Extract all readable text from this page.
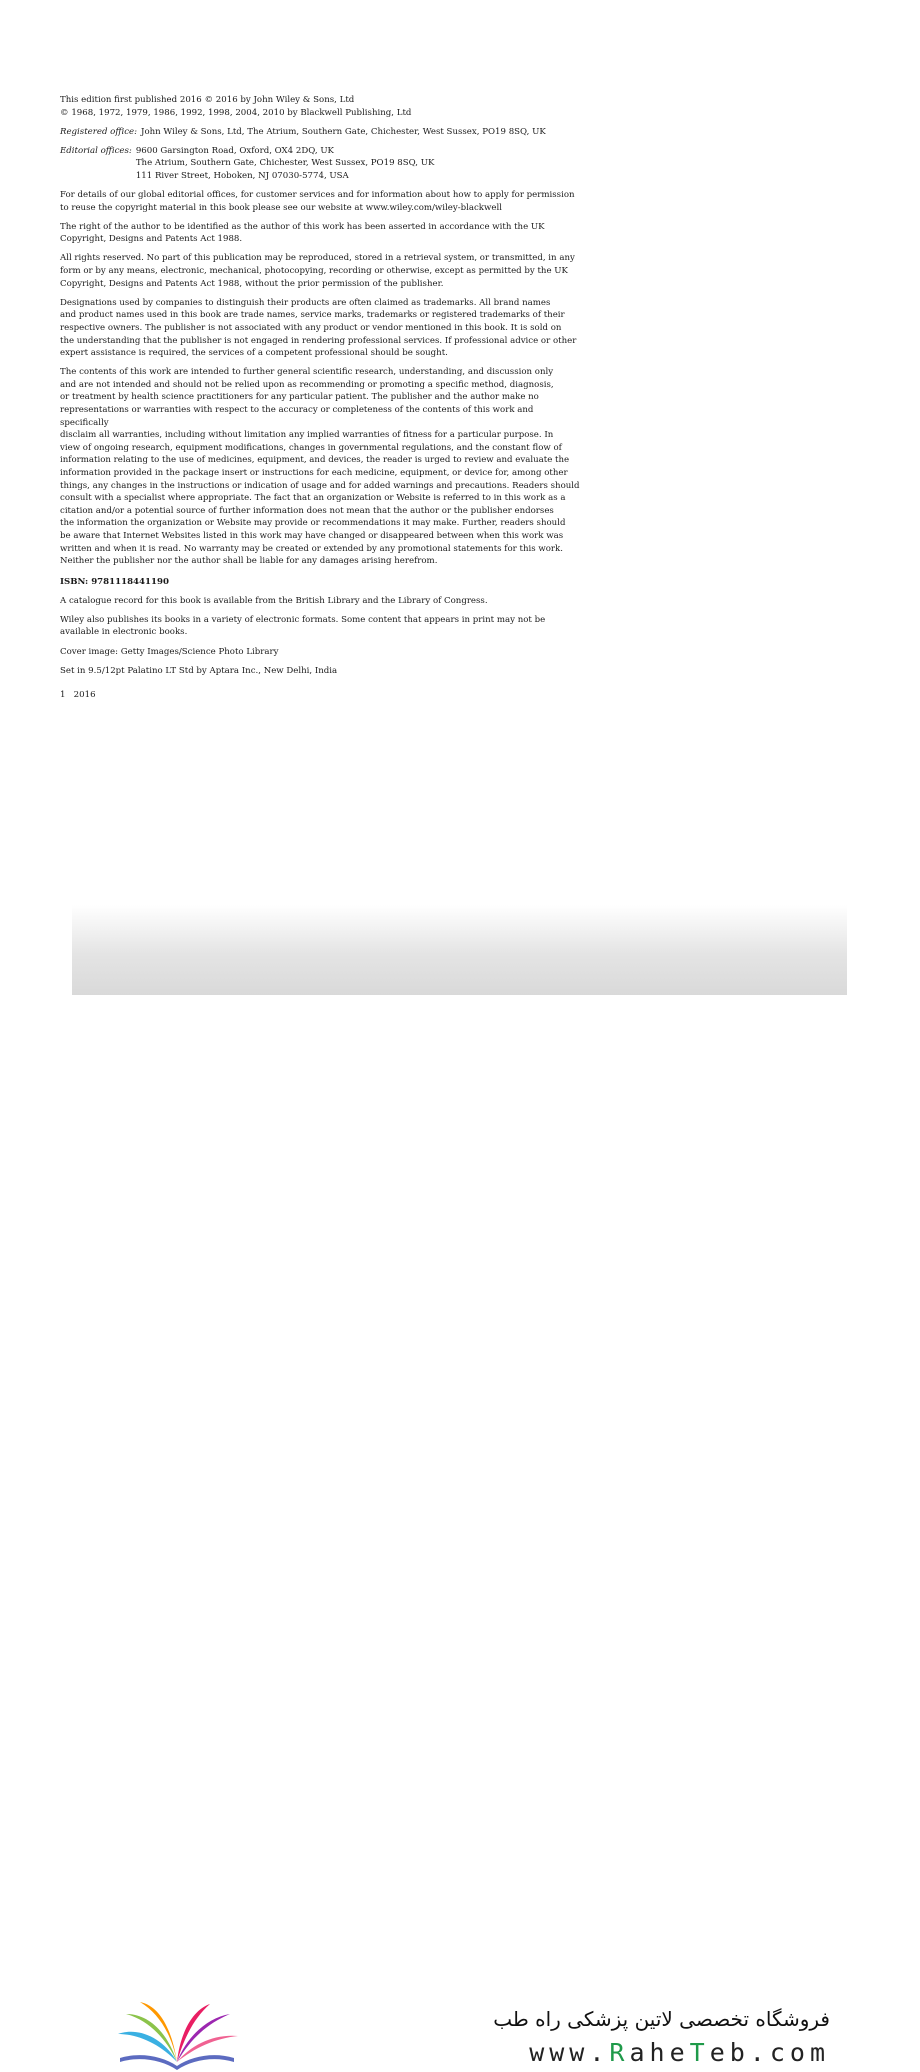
This edition first published 2016 © 2016 by John Wiley & Sons, Ltd
© 1968, 1972, 1979, 1986, 1992, 1998, 2004, 2010 by Blackwell Publishing, Ltd

Registered office: John Wiley & Sons, Ltd, The Atrium, Southern Gate, Chichester, West Sussex, PO19 8SQ, UK
Editorial offices: 9600 Garsington Road, Oxford, OX4 2DQ, UK
The Atrium, Southern Gate, Chichester, West Sussex, PO19 8SQ, UK
111 River Street, Hoboken, NJ 07030-5774, USA

For details of our global editorial offices, for customer services and for information about how to apply for permission
to reuse the copyright material in this book please see our website at www.wiley.com/wiley-blackwell

The right of the author to be identified as the author of this work has been asserted in accordance with the UK
Copyright, Designs and Patents Act 1988.

All rights reserved. No part of this publication may be reproduced, stored in a retrieval system, or transmitted, in any
form or by any means, electronic, mechanical, photocopying, recording or otherwise, except as permitted by the UK
Copyright, Designs and Patents Act 1988, without the prior permission of the publisher.

Designations used by companies to distinguish their products are often claimed as trademarks. All brand names
and product names used in this book are trade names, service marks, trademarks or registered trademarks of their
respective owners. The publisher is not associated with any product or vendor mentioned in this book. It is sold on
the understanding that the publisher is not engaged in rendering professional services. If professional advice or other
expert assistance is required, the services of a competent professional should be sought.

The contents of this work are intended to further general scientific research, understanding, and discussion only
and are not intended and should not be relied upon as recommending or promoting a specific method, diagnosis,
or treatment by health science practitioners for any particular patient. The publisher and the author make no
representations or warranties with respect to the accuracy or completeness of the contents of this work and specifically
disclaim all warranties, including without limitation any implied warranties of fitness for a particular purpose. In
view of ongoing research, equipment modifications, changes in governmental regulations, and the constant flow of
information relating to the use of medicines, equipment, and devices, the reader is urged to review and evaluate the
information provided in the package insert or instructions for each medicine, equipment, or device for, among other
things, any changes in the instructions or indication of usage and for added warnings and precautions. Readers should
consult with a specialist where appropriate. The fact that an organization or Website is referred to in this work as a
citation and/or a potential source of further information does not mean that the author or the publisher endorses
the information the organization or Website may provide or recommendations it may make. Further, readers should
be aware that Internet Websites listed in this work may have changed or disappeared between when this work was
written and when it is read. No warranty may be created or extended by any promotional statements for this work.
Neither the publisher nor the author shall be liable for any damages arising herefrom.

ISBN: 9781118441190

A catalogue record for this book is available from the British Library and the Library of Congress.

Wiley also publishes its books in a variety of electronic formats. Some content that appears in print may not be
available in electronic books.

Cover image: Getty Images/Science Photo Library

Set in 9.5/12pt Palatino LT Std by Aptara Inc., New Delhi, India

1   2016

فروشگاه تخصصی لاتین پزشکی راه طب
www.RaheTeb.com
